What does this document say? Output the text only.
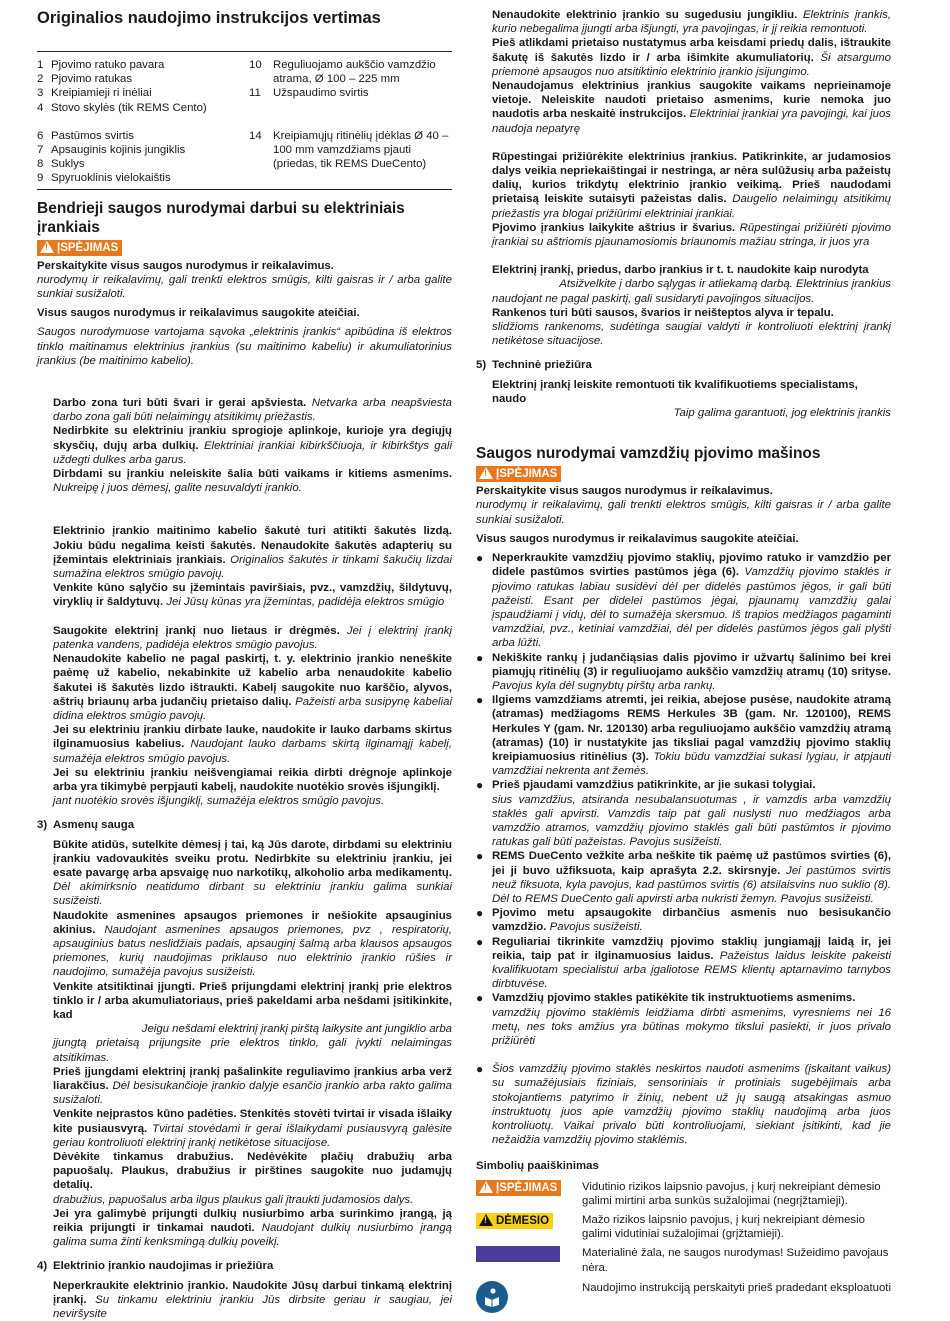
Originalios naudojimo instrukcijos vertimas
1 Pjovimo ratuko pavara
2 Pjovimo ratukas
3 Kreipiamieji ri inėliai
4 Stovo skylės (tik REMS Cento)
6 Pastūmos svirtis
7 Apsauginis kojinis jungiklis
8 Suklys
9 Spyruoklinis vielokaištis
10 Reguliuojamo aukščio vamzdžio atrama, Ø 100 – 225 mm
11	Užspaudimo svirtis
14 Kreipiamųjų ritinėlių įdėklas Ø 40 – 100 mm vamzdžiams pjauti (priedas, tik REMS DueCento)
Bendrieji saugos nurodymai darbui su elektriniais įrankiais
!ĮSPĖJIMAS

Perskaitykite visus saugos nurodymus ir reikalavimus.

nurodymų ir reikalavimų, gali trenkti elektros smūgis, kilti gaisras ir / arba galite sunkiai susižaloti.

Visus saugos nurodymus ir reikalavimus saugokite ateičiai.

Saugos nurodymuose vartojama sąvoka „elektrinis įrankis“ apibūdina iš elektros tinklo maitinamus elektrinius įrankius (su maitinimo kabeliu) ir akumuliatorinius įrankius (be maitinimo kabelio).

Darbo zona turi būti švari ir gerai apšviesta. Netvarka arba neapšviesta darbo zona gali būti nelaimingų atsitikimų priežastis.

Nedirbkite su elektriniu įrankiu sprogioje aplinkoje, kurioje yra degiųjų skysčių, dujų arba dulkių. Elektriniai įrankiai kibirkščiuoja, ir kibirkštys gali uždegti dulkes arba garus.

Dirbdami su įrankiu neleiskite šalia būti vaikams ir kitiems asmenims. Nukreipę į juos dėmesį, galite nesuvaldyti įrankio.

Elektrinio įrankio maitinimo kabelio šakutė turi atitikti šakutės lizdą. Jokiu būdu negalima keisti šakutės. Nenaudokite šakutės adapterių su įžemintais elektriniais įrankiais. Originalios šakutės ir tinkami šakučių lizdai sumažina elektros smūgio pavojų.

Venkite kūno sąlyčio su įžemintais paviršiais, pvz., vamzdžių, šildytuvų, viryklių ir šaldytuvų. Jei Jūsų kūnas yra įžemintas, padidėja elektros smūgio

Saugokite elektrinį įrankį nuo lietaus ir drėgmės. Jei į elektrinį įrankį patenka vandens, padidėja elektros smūgio pavojus.

Nenaudokite kabelio ne pagal paskirtį, t. y. elektrinio įrankio neneškite paėmę už kabelio, nekabinkite už kabelio arba nenaudokite kabelio šakutei iš šakutės lizdo ištraukti. Kabelį saugokite nuo karščio, alyvos, aštrių briaunų arba judančių prietaiso dalių. Pažeisti arba susipynę kabeliai didina elektros smūgio pavojų.

Jei su elektriniu įrankiu dirbate lauke, naudokite ir lauko darbams skirtus ilginamuosius kabelius. Naudojant lauko darbams skirtą ilginamąjį kabelį, sumažėja elektros smūgio pavojus.

Jei su elektriniu įrankiu neišvengiamai reikia dirbti drėgnoje aplinkoje arba yra tikimybė perpjauti kabelį, naudokite nuotėkio srovės išjungiklį.

jant nuotėkio srovės išjungiklį, sumažėja elektros smūgio pavojus.

3) Asmenų sauga

Būkite atidūs, sutelkite dėmesį į tai, ką Jūs darote, dirbdami su elektriniu įrankiu vadovaukitės sveiku protu. Nedirbkite su elektriniu įrankiu, jei esate pavargę arba apsvaigę nuo narkotikų, alkoholio arba medikamentų. Dėl akimirksnio neatidumo dirbant su elektriniu įrankiu galima sunkiai susižeisti.

Naudokite asmenines apsaugos priemones ir nešiokite apsauginius akinius. Naudojant asmenines apsaugos priemones, pvz , respiratorių, apsauginius batus neslidžiais padais, apsauginį šalmą arba klausos apsaugos priemones, kurių naudojimas priklauso nuo elektrinio įrankio rūšies ir naudojimo, sumažėja pavojus susižeisti.

Venkite atsitiktinai įjungti. Prieš prijungdami elektrinį įrankį prie elektros tinklo ir / arba akumuliatoriaus, prieš pakeldami arba nešdami įsitikinkite, kad

Jeigu nešdami elektrinį įrankį pirštą laikysite ant jungiklio arba

įjungtą prietaisą prijungsite prie elektros tinklo, gali įvykti nelaimingas atsitikimas.

Prieš įjungdami elektrinį įrankį pašalinkite reguliavimo įrankius arba verž liarakčius. Dėl besisukančioje įrankio dalyje esančio įrankio arba rakto galima susižaloti.

Venkite neįprastos kūno padėties. Stenkitės stovėti tvirtai ir visada išlaiky kite pusiausvyrą. Tvirtai stovėdami ir gerai išlaikydami pusiausvyrą galėsite geriau kontroliuoti elektrinį įrankį netikėtose situacijose.

Dėvėkite tinkamus drabužius. Nedėvėkite plačių drabužių arba papuošalų. Plaukus, drabužius ir pirštines saugokite nuo judamųjų detalių.

drabužius, papuošalus arba ilgus plaukus gali įtraukti judamosios dalys.

Jei yra galimybė prijungti dulkių nusiurbimo arba surinkimo įrangą, ją reikia prijungti ir tinkamai naudoti. Naudojant dulkių nusiurbimo įrangą galima suma žinti kenksmingą dulkių poveikį.

4) Elektrinio įrankio naudojimas ir priežiūra

Neperkraukite elektrinio įrankio. Naudokite Jūsų darbui tinkamą elektrinį įrankį. Su tinkamu elektriniu įrankiu Jūs dirbsite geriau ir saugiau, jei neviršysite

Nenaudokite elektrinio įrankio su sugedusiu jungikliu. Elektrinis įrankis, kurio nebegalima įjungti arba išjungti, yra pavojingas, ir jį reikia remontuoti.

Pieš atlikdami prietaiso nustatymus arba keisdami priedų dalis, ištraukite šakutę iš šakutės lizdo ir / arba išimkite akumuliatorių. Ši atsargumo priemonė apsaugos nuo atsitiktinio elektrinio įrankio įsijungimo.

Nenaudojamus elektrinius įrankius saugokite vaikams neprieinamoje vietoje. Neleiskite naudoti prietaiso asmenims, kurie nemoka juo naudotis arba neskaitė instrukcijos. Elektriniai įrankiai yra pavojingi, kai juos naudoja nepatyrę

Rūpestingai prižiūrėkite elektrinius įrankius. Patikrinkite, ar judamosios dalys veikia nepriekaištingai ir nestringa, ar nėra sulūžusių arba pažeistų dalių, kurios trikdytų elektrinio įrankio veikimą. Prieš naudodami prietaisą leiskite sutaisyti pažeistas dalis. Daugelio nelaimingų atsitikimų priežastis yra blogai prižiūrimi elektriniai įrankiai.

Pjovimo įrankius laikykite aštrius ir švarius. Rūpestingai prižiūrėti pjovimo įrankiai su aštriomis pjaunamosiomis briaunomis mažiau stringa, ir juos yra

Elektrinį įrankį, priedus, darbo įrankius ir t. t. naudokite kaip nurodyta

Atsižvelkite į darbo sąlygas ir atliekamą darbą. Elektrinius įrankius

naudojant ne pagal paskirtį, gali susidaryti pavojingos situacijos.

Rankenos turi būti sausos, švarios ir neišteptos alyva ir tepalu.

slidžioms rankenoms, sudėtinga saugiai valdyti ir kontroliuoti elektrinį įrankį netikėtose situacijose.

5) Techninė priežiūra

Elektrinį įrankį leiskite remontuoti tik kvalifikuotiems specialistams, naudo

Taip galima garantuoti, jog elektrinis įrankis

Saugos nurodymai vamzdžių pjovimo mašinos
!ĮSPĖJIMAS

Perskaitykite visus saugos nurodymus ir reikalavimus.

nurodymų ir reikalavimų, gali trenkti elektros smūgis, kilti gaisras ir / arba galite sunkiai susižaloti.

Visus saugos nurodymus ir reikalavimus saugokite ateičiai.

● Neperkraukite vamzdžių pjovimo staklių, pjovimo ratuko ir vamzdžio per didele pastūmos svirties pastūmos jėga (6). Vamzdžių pjovimo staklės ir pjovimo ratukas labiau susidėvi dėl per didelės pastūmos jėgos, ir gali būti pažeisti. Esant per didelei pastūmos jėgai, pjaunamų vamzdžių galai įspaudžiami į vidų, dėl to sumažėja skersmuo. Iš trapios medžiagos pagaminti vamzdžiai, pvz., ketiniai vamzdžiai, dėl per didelės pastūmos jėgos gali plyšti arba lūžti.
● Nekiškite rankų į judančiąsias dalis pjovimo ir užvartų šalinimo bei krei piamųjų ritinėlių (3) ir reguliuojamo aukščio vamzdžių atramų (10) srityse. Pavojus kyla dėl sugnybtų pirštų arba rankų.
● Ilgiems vamzdžiams atremti, jei reikia, abejose pusėse, naudokite atramą (atramas) medžiagoms REMS Herkules 3B (gam. Nr. 120100), REMS Herkules Y (gam. Nr. 120130) arba reguliuojamo aukščio vamzdžių atramą (atramas) (10) ir nustatykite jas tiksliai pagal vamzdžių pjovimo staklių kreipiamuosius ritinėlius (3). Tokiu būdu vamzdžiai sukasi lygiau, ir atpjauti vamzdžiai nekrenta ant žemės.
● Prieš pjaudami vamzdžius patikrinkite, ar jie sukasi tolygiai.

sius vamzdžius, atsiranda nesubalansuotumas , ir vamzdis arba vamzdžių staklės gali apvirsti. Vamzdis taip pat gali nuslysti nuo medžiagos arba vamzdžio atramos, vamzdžių pjovimo staklės gali būti pastūmtos ir pjovimo ratukas gali būti pažeistas. Pavojus susižeisti.

● REMS DueCento vežkite arba neškite tik paėmę už pastūmos svirties (6), jei ji buvo užfiksuota, kaip aprašyta 2.2. skirsnyje. Jei pastūmos svirtis neuž fiksuota, kyla pavojus, kad pastūmos svirtis (6) atsilaisvins nuo suklio (8). Dėl to REMS DueCento gali apvirsti arba nukristi žemyn. Pavojus susižeisti.
● Pjovimo metu apsaugokite dirbančius asmenis nuo besisukančio vamzdžio. Pavojus susižeisti.
● Reguliariai tikrinkite vamzdžių pjovimo staklių jungiamąjį laidą ir, jei reikia, taip pat ir ilginamuosius laidus. Pažeistus laidus leiskite pakeisti kvalifikuotam specialistui arba įgaliotose REMS klientų aptarnavimo tarnybos dirbtuvėse.
● Vamzdžių pjovimo stakles patikėkite tik instruktuotiems asmenims.

vamzdžių pjovimo staklėmis leidžiama dirbti asmenims, vyresniems nei 16 metų, nes toks amžius yra būtinas mokymo tikslui pasiekti, ir juos privalo prižiūrėti

● Šios vamzdžių pjovimo staklės neskirtos naudoti asmenims (įskaitant vaikus) su sumažėjusiais fiziniais, sensoriniais ir protiniais sugebėjimais arba stokojantiems patyrimo ir žinių, nebent už jų saugą atsakingas asmuo instruktuotų juos apie vamzdžių pjovimo staklių naudojimą arba juos kontroliuotų. Vaikai privalo būti kontroliuojami, siekiant įsitikinti, kad jie nežaidžia vamzdžių pjovimo staklėmis.

Simbolių paaiškinimas

!ĮSPĖJIMAS	Vidutinio rizikos laipsnio pavojus, į kurį nekreipiant dėmesio galimi mirtini arba sunkūs sužalojimai (negrįžtamieji).
!DĖMESIO	Mažo rizikos laipsnio pavojus, į kurį nekreipiant dėmesio galimi vidutiniai sužalojimai (grįžtamieji).
Materialinė žala, ne saugos nurodymas! Sužeidimo pavojaus nėra.
Naudojimo instrukciją perskaityti prieš pradedant eksploatuoti
